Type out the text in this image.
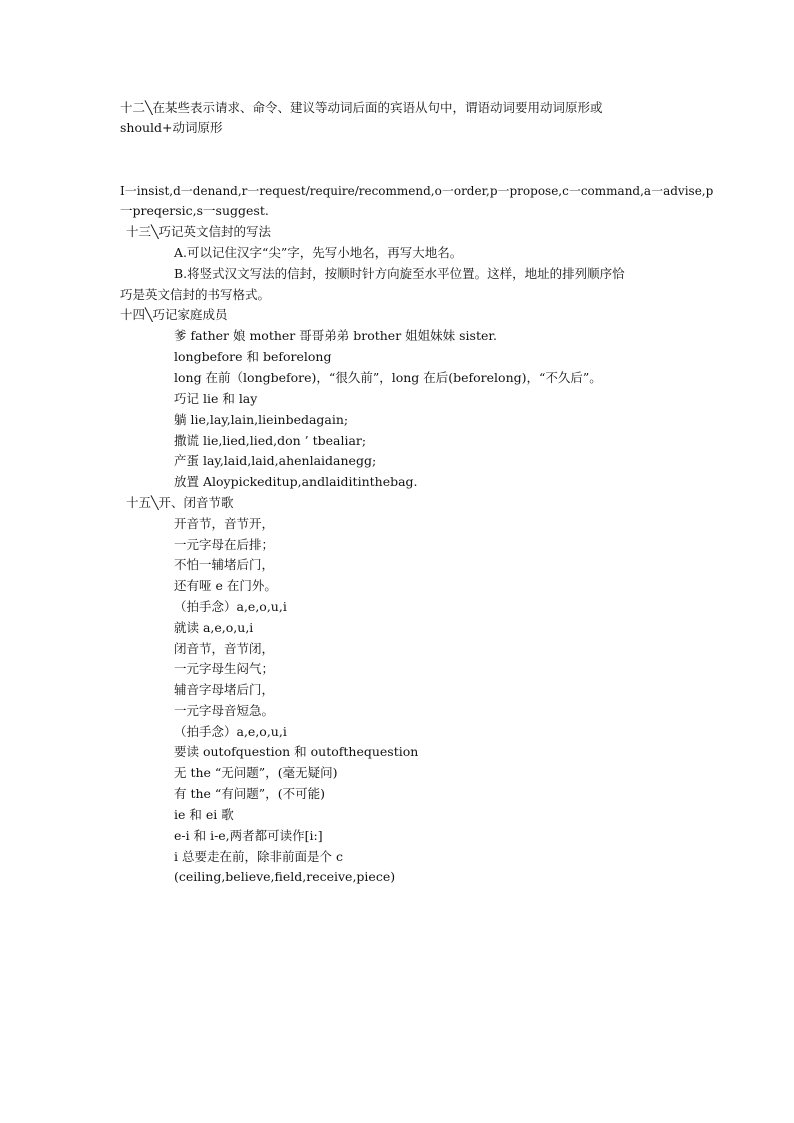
十二╲在某些表示请求、命令、建议等动词后面的宾语从句中，谓语动词要用动词原形或
should+动词原形
I一insist,d一denand,r一request/require/recommend,o一order,p一propose,c一command,a一advise,p
一preqersic,s一suggest.
十三╲巧记英文信封的写法
A.可以记住汉字“尖”字，先写小地名，再写大地名。
B.将竖式汉文写法的信封，按顺时针方向旋至水平位置。这样，地址的排列顺序恰
巧是英文信封的书写格式。
十四╲巧记家庭成员
爹 father 娘 mother 哥哥弟弟 brother 姐姐妹妹 sister.
longbefore 和 beforelong
long 在前（longbefore)，“很久前”，long 在后(beforelong)，“不久后”。
巧记 lie 和 lay
躺 lie,lay,lain,lieinbedagain;
撒谎 lie,lied,lied,don ’ tbealiar;
产蛋 lay,laid,laid,ahenlaidanegg;
放置 Aloypickeditup,andlaiditinthebag.
十五╲开、闭音节歌
开音节，音节开，
一元字母在后排；
不怕一辅堵后门，
还有哑 e 在门外。
（拍手念）a,e,o,u,i
就读 a,e,o,u,i
闭音节，音节闭，
一元字母生闷气；
辅音字母堵后门，
一元字母音短急。
（拍手念）a,e,o,u,i
要读 outofquestion 和 outofthequestion
无 the “无问题”，(毫无疑问)
有 the “有问题”，(不可能)
ie 和 ei 歌
e-i 和 i-e,两者都可读作[i:]
i 总要走在前，除非前面是个 c
(ceiling,believe,field,receive,piece)
